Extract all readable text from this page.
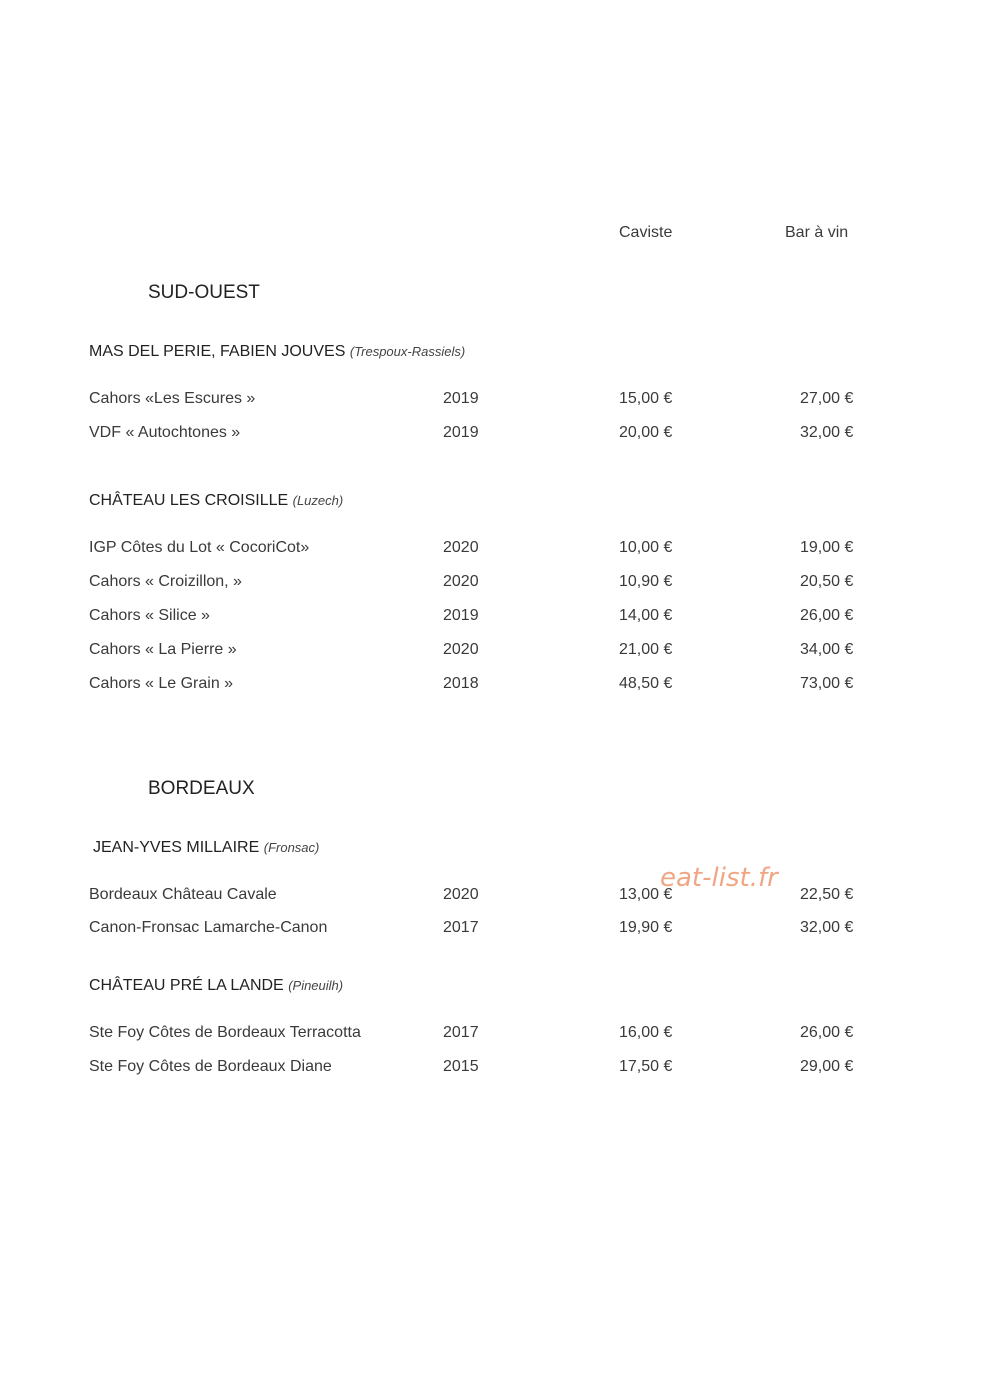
Caviste	Bar à vin
SUD-OUEST
MAS DEL PERIE, FABIEN JOUVES (Trespoux-Rassiels)
Cahors «Les Escures »	2019	15,00 €	27,00 €
VDF « Autochtones »	2019	20,00 €	32,00 €
CHÂTEAU LES CROISILLE (Luzech)
IGP Côtes du Lot « CocoriCot»	2020	10,00 €	19,00 €
Cahors « Croizillon, »	2020	10,90 €	20,50 €
Cahors « Silice »	2019	14,00 €	26,00 €
Cahors « La Pierre »	2020	21,00 €	34,00 €
Cahors « Le Grain »	2018	48,50 €	73,00 €
BORDEAUX
JEAN-YVES MILLAIRE (Fronsac)
Bordeaux Château Cavale	2020	13,00 €	22,50 €
Canon-Fronsac Lamarche-Canon	2017	19,90 €	32,00 €
CHÂTEAU PRÉ LA LANDE (Pineuilh)
Ste Foy Côtes de Bordeaux Terracotta	2017	16,00 €	26,00 €
Ste Foy Côtes de Bordeaux Diane	2015	17,50 €	29,00 €
eat-list.fr
